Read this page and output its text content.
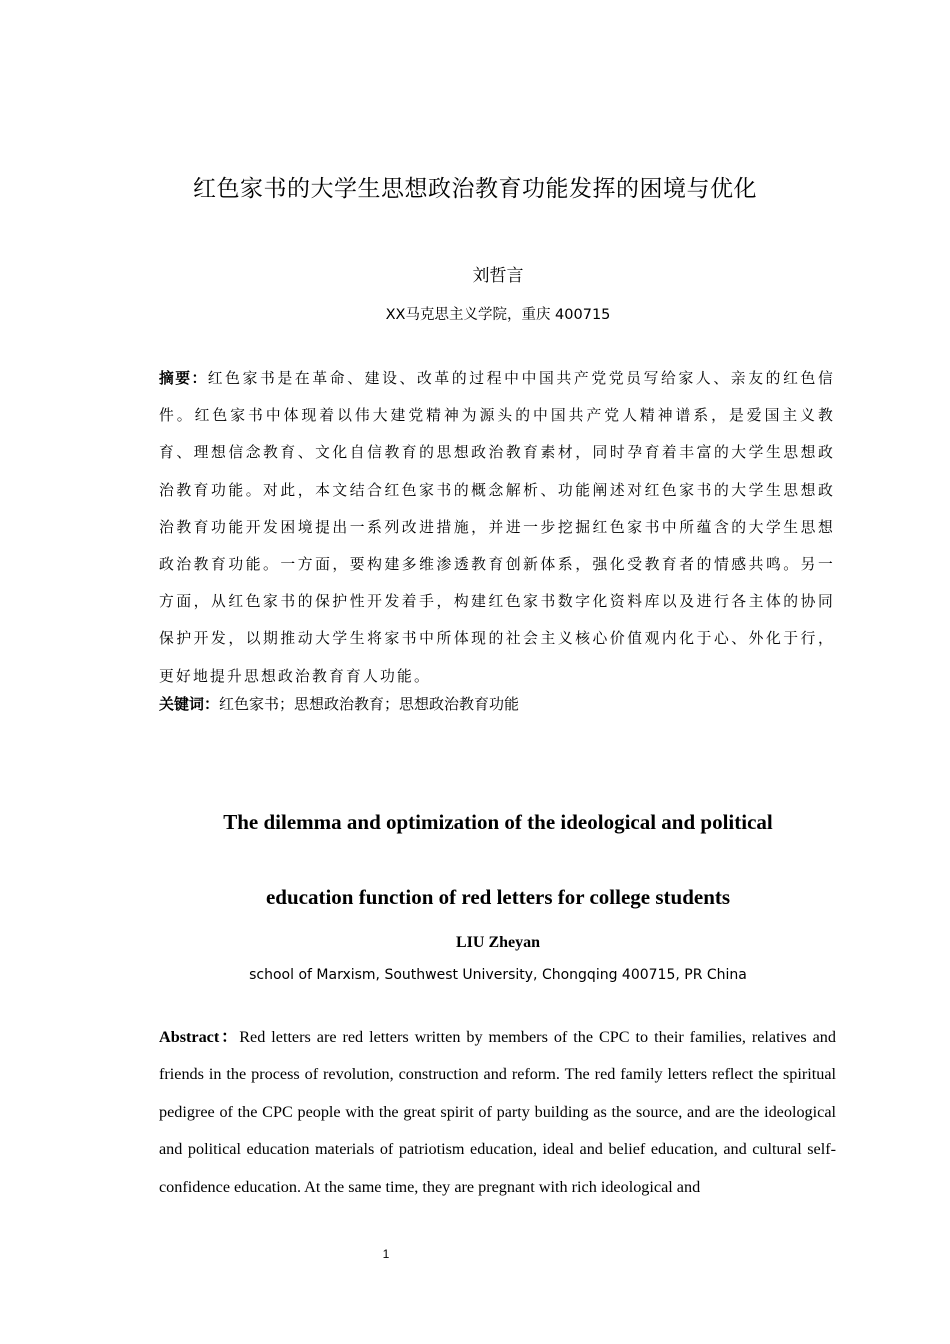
红色家书的大学生思想政治教育功能发挥的困境与优化
刘哲言
XX马克思主义学院，重庆 400715

摘要：红色家书是在革命、建设、改革的过程中中国共产党党员写给家人、亲友的红色信件。红色家书中体现着以伟大建党精神为源头的中国共产党人精神谱系，是爱国主义教育、理想信念教育、文化自信教育的思想政治教育素材，同时孕育着丰富的大学生思想政治教育功能。对此，本文结合红色家书的概念解析、功能阐述对红色家书的大学生思想政治教育功能开发困境提出一系列改进措施，并进一步挖掘红色家书中所蕴含的大学生思想政治教育功能。一方面，要构建多维渗透教育创新体系，强化受教育者的情感共鸣。另一方面，从红色家书的保护性开发着手，构建红色家书数字化资料库以及进行各主体的协同保护开发，以期推动大学生将家书中所体现的社会主义核心价值观内化于心、外化于行，更好地提升思想政治教育育人功能。

关键词：红色家书；思想政治教育；思想政治教育功能

The dilemma and optimization of the ideological and political
education function of red letters for college students
LIU Zheyan
school of Marxism, Southwest University, Chongqing 400715, PR China

Abstract：Red letters are red letters written by members of the CPC to their families, relatives and friends in the process of revolution, construction and reform. The red family letters reflect the spiritual pedigree of the CPC people with the great spirit of party building as the source, and are the ideological and political education materials of patriotism education, ideal and belief education, and cultural self-confidence education. At the same time, they are pregnant with rich ideological and

1
